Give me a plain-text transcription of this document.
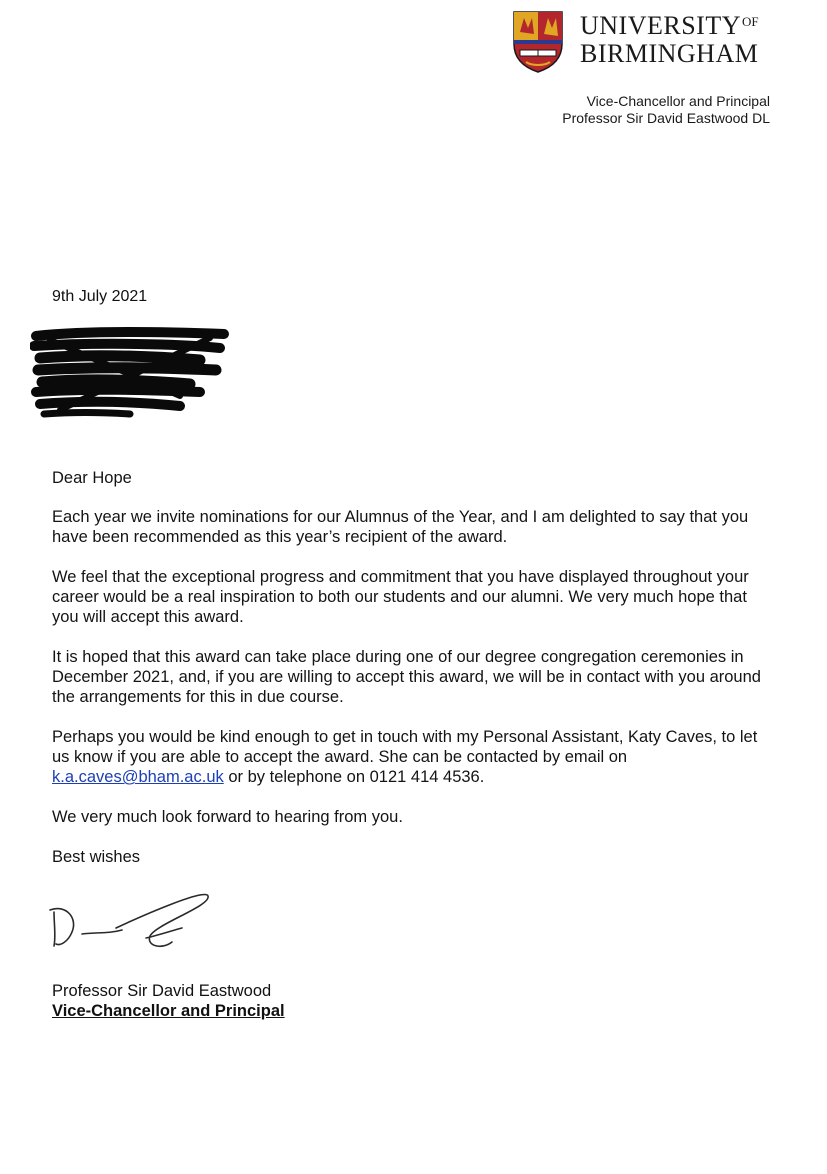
$UNIVERSITY^{OF}$
BIRMINGHAM
Vice-Chancellor and Principal
Professor Sir David Eastwood DL
9th July 2021

Dear Hope

Each year we invite nominations for our Alumnus of the Year, and I am delighted to say that you have been recommended as this year’s recipient of the award.

We feel that the exceptional progress and commitment that you have displayed throughout your career would be a real inspiration to both our students and our alumni. We very much hope that you will accept this award.

It is hoped that this award can take place during one of our degree congregation ceremonies in December 2021, and, if you are willing to accept this award, we will be in contact with you around the arrangements for this in due course.

Perhaps you would be kind enough to get in touch with my Personal Assistant, Katy Caves, to let us know if you are able to accept the award. She can be contacted by email on k.a.caves@bham.ac.uk or by telephone on 0121 414 4536.

We very much look forward to hearing from you.

Best wishes

Professor Sir David Eastwood
Vice-Chancellor and Principal
